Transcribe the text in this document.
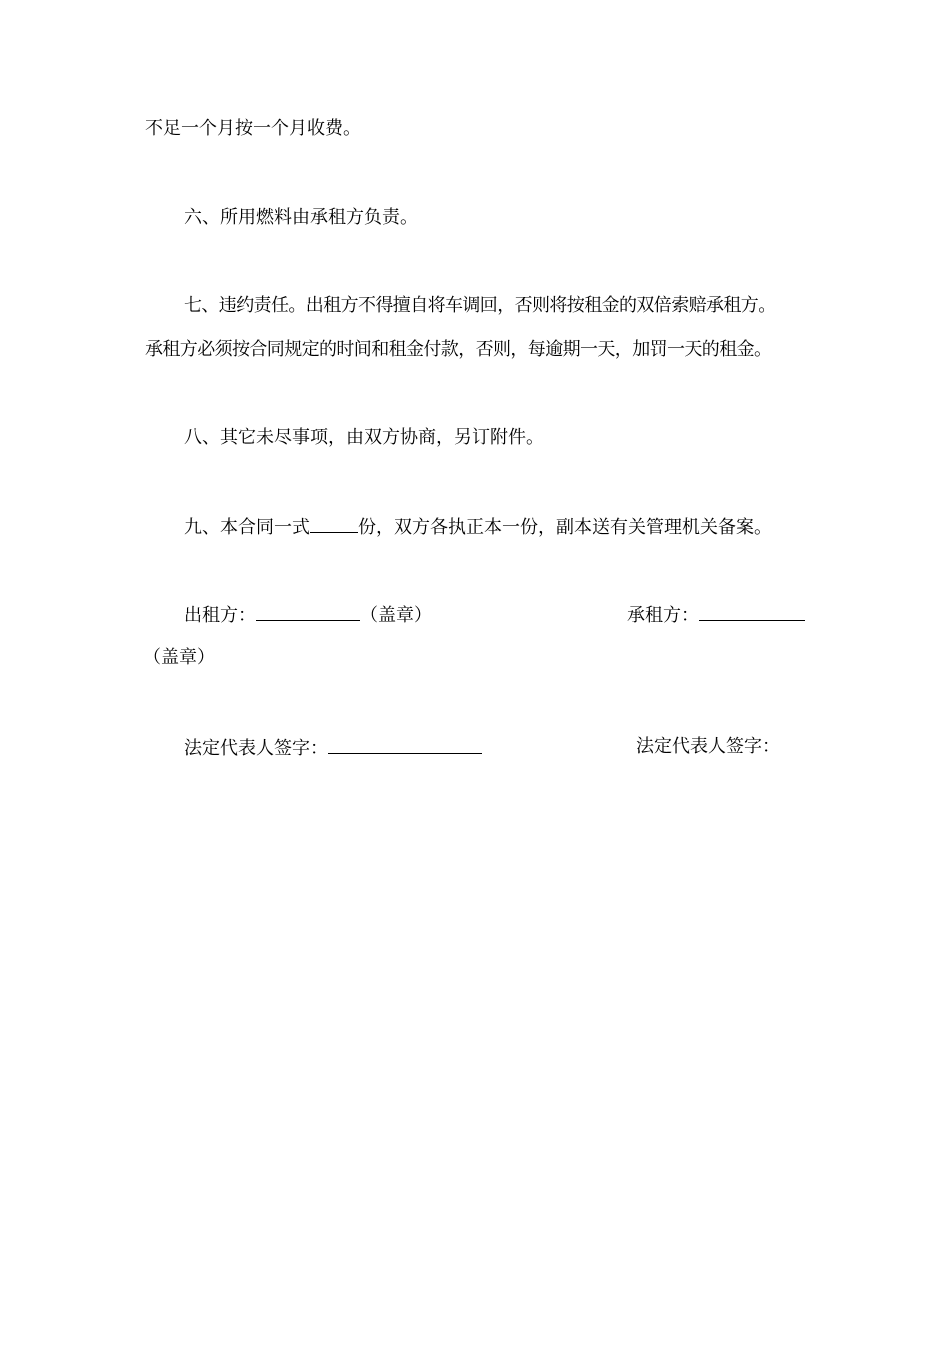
不足一个月按一个月收费。
六、所用燃料由承租方负责。
七、违约责任。出租方不得擅自将车调回，否则将按租金的双倍索赔承租方。
承租方必须按合同规定的时间和租金付款，否则，每逾期一天，加罚一天的租金。
八、其它未尽事项，由双方协商，另订附件。
九、本合同一式	份，双方各执正本一份，副本送有关管理机关备案。
出租方：	（盖章）	承租方：
（盖章）
法定代表人签字：	法定代表人签字：
